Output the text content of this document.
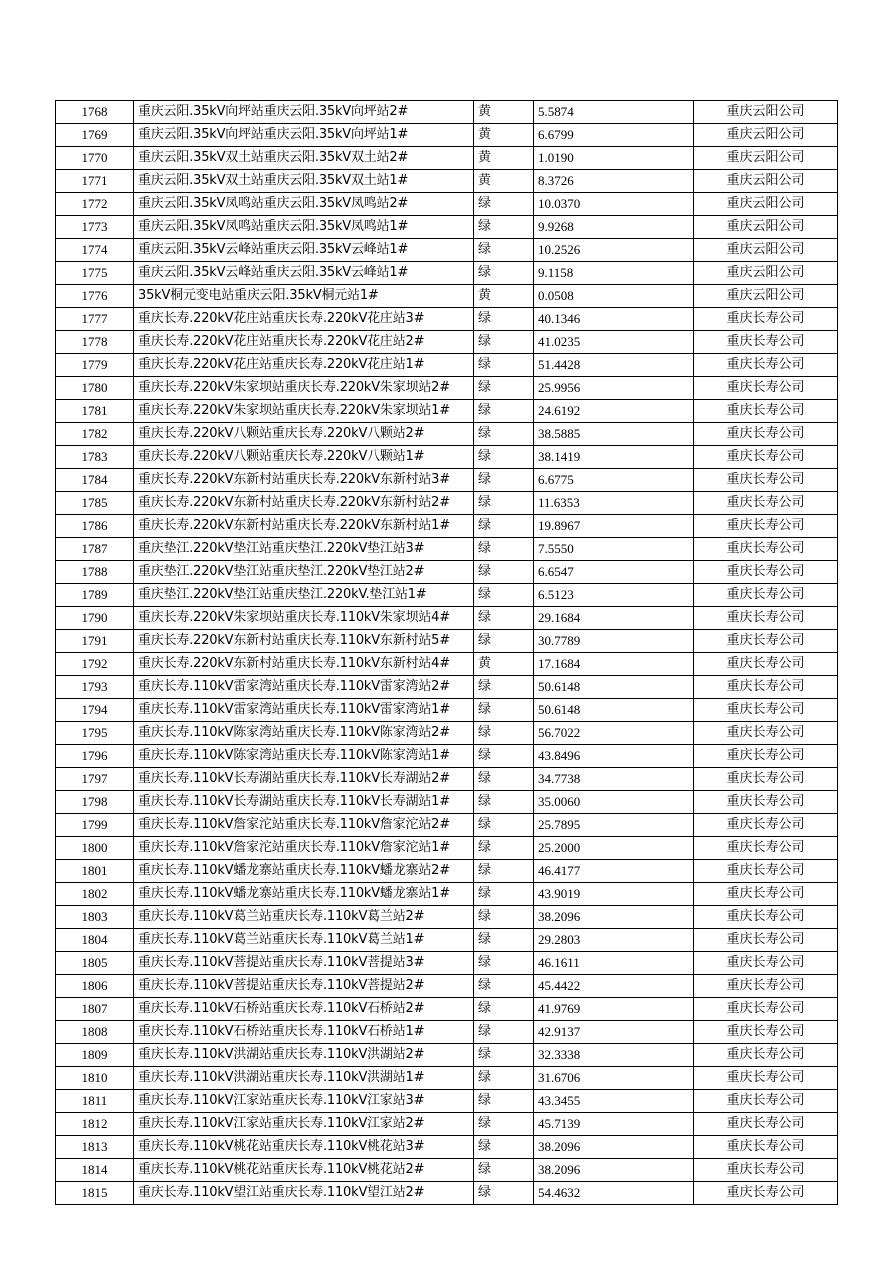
1768	重庆云阳.35kV向坪站重庆云阳.35kV向坪站2#	黄	5.5874	重庆云阳公司
1769	重庆云阳.35kV向坪站重庆云阳.35kV向坪站1#	黄	6.6799	重庆云阳公司
1770	重庆云阳.35kV双土站重庆云阳.35kV双土站2#	黄	1.0190	重庆云阳公司
1771	重庆云阳.35kV双土站重庆云阳.35kV双土站1#	黄	8.3726	重庆云阳公司
1772	重庆云阳.35kV凤鸣站重庆云阳.35kV凤鸣站2#	绿	10.0370	重庆云阳公司
1773	重庆云阳.35kV凤鸣站重庆云阳.35kV凤鸣站1#	绿	9.9268	重庆云阳公司
1774	重庆云阳.35kV云峰站重庆云阳.35kV云峰站1#	绿	10.2526	重庆云阳公司
1775	重庆云阳.35kV云峰站重庆云阳.35kV云峰站1#	绿	9.1158	重庆云阳公司
1776	35kV桐元变电站重庆云阳.35kV桐元站1#	黄	0.0508	重庆云阳公司
1777	重庆长寿.220kV花庄站重庆长寿.220kV花庄站3#	绿	40.1346	重庆长寿公司
1778	重庆长寿.220kV花庄站重庆长寿.220kV花庄站2#	绿	41.0235	重庆长寿公司
1779	重庆长寿.220kV花庄站重庆长寿.220kV花庄站1#	绿	51.4428	重庆长寿公司
1780	重庆长寿.220kV朱家坝站重庆长寿.220kV朱家坝站2#	绿	25.9956	重庆长寿公司
1781	重庆长寿.220kV朱家坝站重庆长寿.220kV朱家坝站1#	绿	24.6192	重庆长寿公司
1782	重庆长寿.220kV八颗站重庆长寿.220kV八颗站2#	绿	38.5885	重庆长寿公司
1783	重庆长寿.220kV八颗站重庆长寿.220kV八颗站1#	绿	38.1419	重庆长寿公司
1784	重庆长寿.220kV东新村站重庆长寿.220kV东新村站3#	绿	6.6775	重庆长寿公司
1785	重庆长寿.220kV东新村站重庆长寿.220kV东新村站2#	绿	11.6353	重庆长寿公司
1786	重庆长寿.220kV东新村站重庆长寿.220kV东新村站1#	绿	19.8967	重庆长寿公司
1787	重庆垫江.220kV垫江站重庆垫江.220kV垫江站3#	绿	7.5550	重庆长寿公司
1788	重庆垫江.220kV垫江站重庆垫江.220kV垫江站2#	绿	6.6547	重庆长寿公司
1789	重庆垫江.220kV垫江站重庆垫江.220kV.垫江站1#	绿	6.5123	重庆长寿公司
1790	重庆长寿.220kV朱家坝站重庆长寿.110kV朱家坝站4#	绿	29.1684	重庆长寿公司
1791	重庆长寿.220kV东新村站重庆长寿.110kV东新村站5#	绿	30.7789	重庆长寿公司
1792	重庆长寿.220kV东新村站重庆长寿.110kV东新村站4#	黄	17.1684	重庆长寿公司
1793	重庆长寿.110kV雷家湾站重庆长寿.110kV雷家湾站2#	绿	50.6148	重庆长寿公司
1794	重庆长寿.110kV雷家湾站重庆长寿.110kV雷家湾站1#	绿	50.6148	重庆长寿公司
1795	重庆长寿.110kV陈家湾站重庆长寿.110kV陈家湾站2#	绿	56.7022	重庆长寿公司
1796	重庆长寿.110kV陈家湾站重庆长寿.110kV陈家湾站1#	绿	43.8496	重庆长寿公司
1797	重庆长寿.110kV长寿湖站重庆长寿.110kV长寿湖站2#	绿	34.7738	重庆长寿公司
1798	重庆长寿.110kV长寿湖站重庆长寿.110kV长寿湖站1#	绿	35.0060	重庆长寿公司
1799	重庆长寿.110kV詹家沱站重庆长寿.110kV詹家沱站2#	绿	25.7895	重庆长寿公司
1800	重庆长寿.110kV詹家沱站重庆长寿.110kV詹家沱站1#	绿	25.2000	重庆长寿公司
1801	重庆长寿.110kV蟠龙寨站重庆长寿.110kV蟠龙寨站2#	绿	46.4177	重庆长寿公司
1802	重庆长寿.110kV蟠龙寨站重庆长寿.110kV蟠龙寨站1#	绿	43.9019	重庆长寿公司
1803	重庆长寿.110kV葛兰站重庆长寿.110kV葛兰站2#	绿	38.2096	重庆长寿公司
1804	重庆长寿.110kV葛兰站重庆长寿.110kV葛兰站1#	绿	29.2803	重庆长寿公司
1805	重庆长寿.110kV菩提站重庆长寿.110kV菩提站3#	绿	46.1611	重庆长寿公司
1806	重庆长寿.110kV菩提站重庆长寿.110kV菩提站2#	绿	45.4422	重庆长寿公司
1807	重庆长寿.110kV石桥站重庆长寿.110kV石桥站2#	绿	41.9769	重庆长寿公司
1808	重庆长寿.110kV石桥站重庆长寿.110kV石桥站1#	绿	42.9137	重庆长寿公司
1809	重庆长寿.110kV洪湖站重庆长寿.110kV洪湖站2#	绿	32.3338	重庆长寿公司
1810	重庆长寿.110kV洪湖站重庆长寿.110kV洪湖站1#	绿	31.6706	重庆长寿公司
1811	重庆长寿.110kV江家站重庆长寿.110kV江家站3#	绿	43.3455	重庆长寿公司
1812	重庆长寿.110kV江家站重庆长寿.110kV江家站2#	绿	45.7139	重庆长寿公司
1813	重庆长寿.110kV桃花站重庆长寿.110kV桃花站3#	绿	38.2096	重庆长寿公司
1814	重庆长寿.110kV桃花站重庆长寿.110kV桃花站2#	绿	38.2096	重庆长寿公司
1815	重庆长寿.110kV望江站重庆长寿.110kV望江站2#	绿	54.4632	重庆长寿公司
